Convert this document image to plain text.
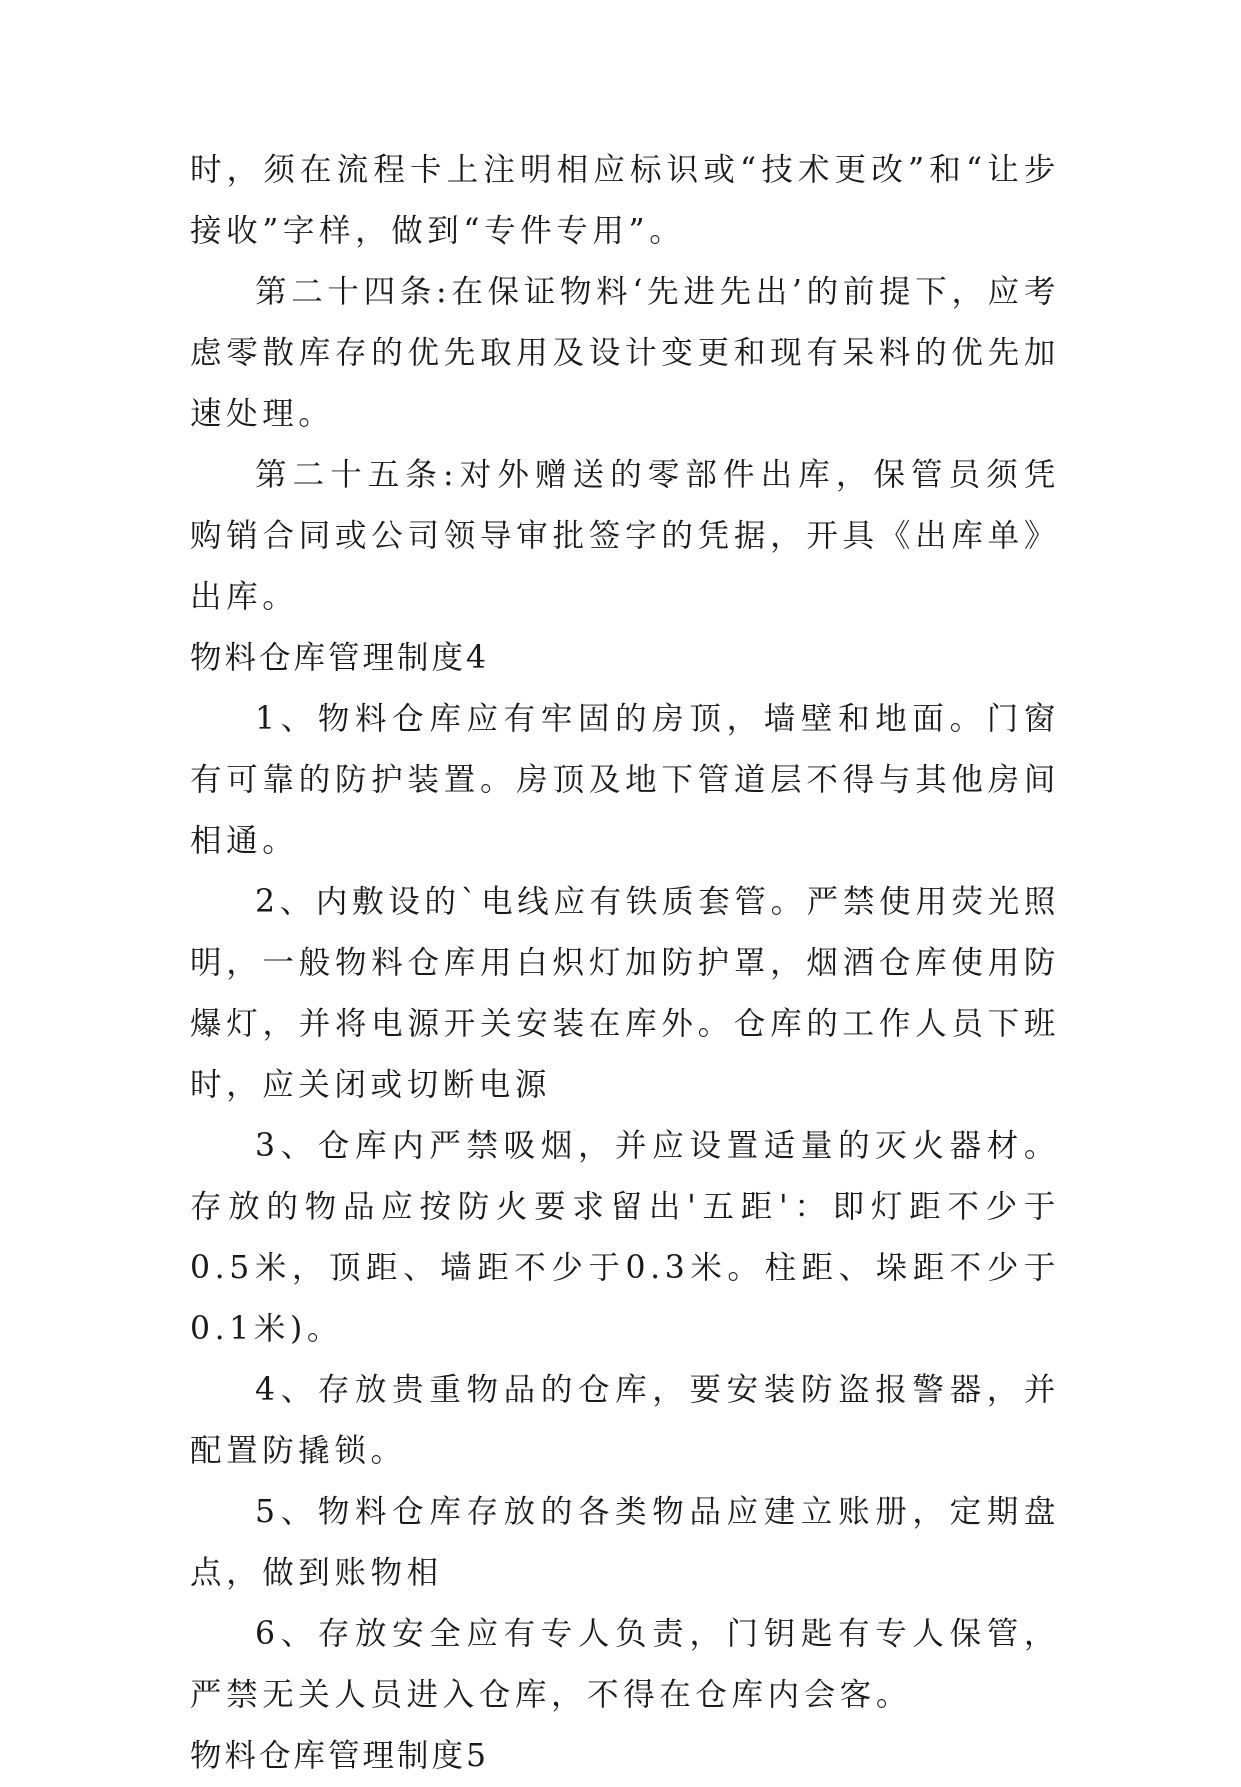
时，须在流程卡上注明相应标识或“技术更改”和“让步接收”字样，做到“专件专用”。

第二十四条:在保证物料‘先进先出’的前提下，应考虑零散库存的优先取用及设计变更和现有呆料的优先加速处理。

第二十五条:对外赠送的零部件出库，保管员须凭购销合同或公司领导审批签字的凭据，开具《出库单》出库。

物料仓库管理制度4

1、物料仓库应有牢固的房顶，墙壁和地面。门窗有可靠的防护装置。房顶及地下管道层不得与其他房间相通。

2、内敷设的`电线应有铁质套管。严禁使用荧光照明，一般物料仓库用白炽灯加防护罩，烟酒仓库使用防爆灯，并将电源开关安装在库外。仓库的工作人员下班时，应关闭或切断电源

3、仓库内严禁吸烟，并应设置适量的灭火器材。存放的物品应按防火要求留出'五距'：即灯距不少于0.5米，顶距、墙距不少于0.3米。柱距、垛距不少于0.1米)。

4、存放贵重物品的仓库，要安装防盗报警器，并配置防撬锁。

5、物料仓库存放的各类物品应建立账册，定期盘点，做到账物相

6、存放安全应有专人负责，门钥匙有专人保管，严禁无关人员进入仓库，不得在仓库内会客。

物料仓库管理制度5
